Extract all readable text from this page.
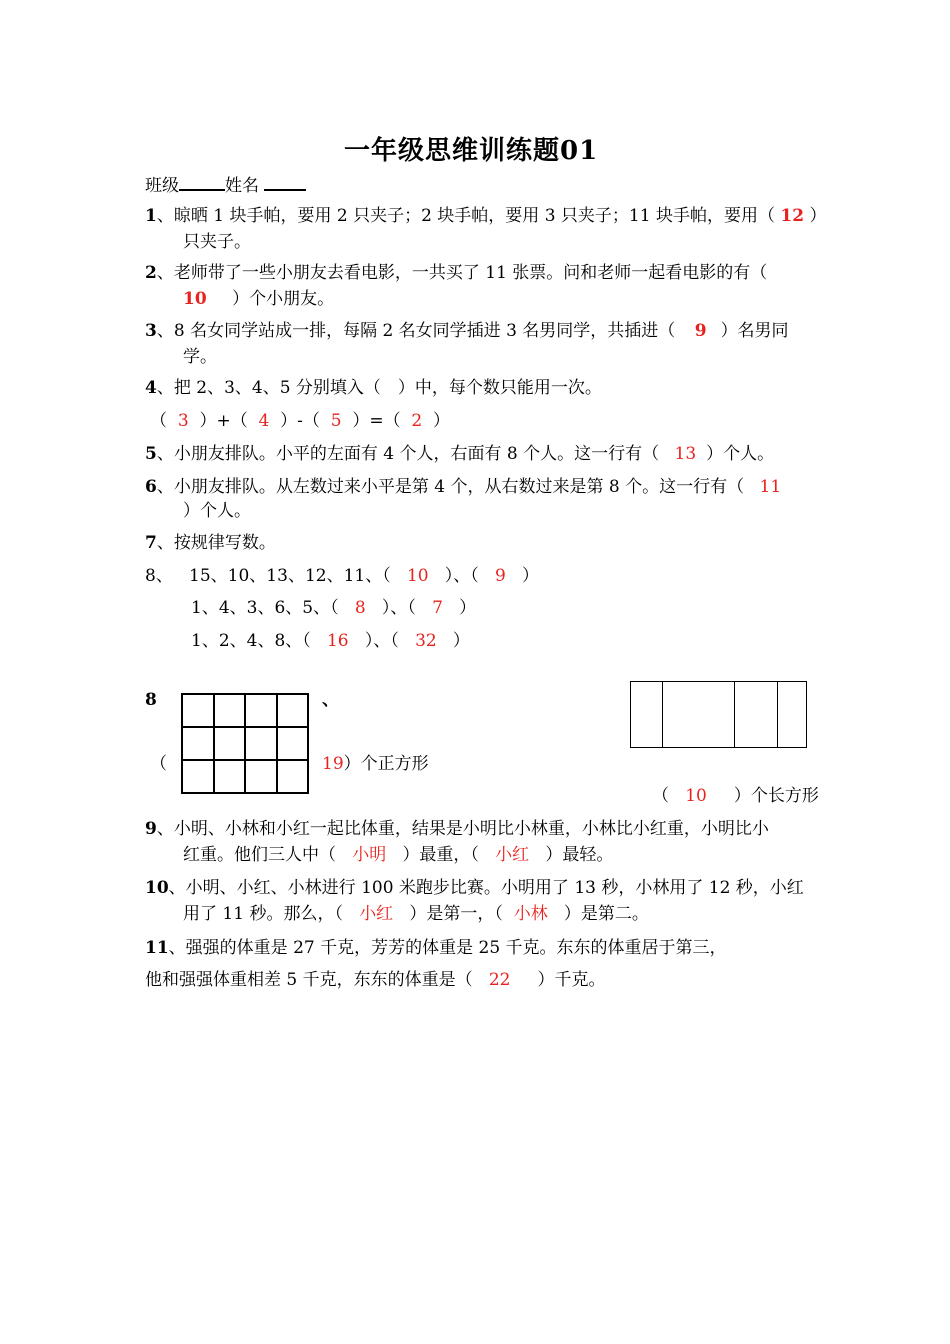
一年级思维训练题01
班级	姓名
1、晾晒 1 块手帕，要用 2 只夹子；2 块手帕，要用 3 只夹子；11 块手帕，要用（ 12 ）
只夹子。
2、老师带了一些小朋友去看电影，一共买了 11 张票。问和老师一起看电影的有（
10 ）个小朋友。
3、8 名女同学站成一排，每隔 2 名女同学插进 3 名男同学，共插进（ 9 ）名男同
学。
4、把 2、3、4、5 分别填入（　）中，每个数只能用一次。
（  3  ）+（  4  ）-（  5  ）=（  2  ）
5、小朋友排队。小平的左面有 4 个人，右面有 8 个人。这一行有（ 13 ）个人。
6、小朋友排队。从左数过来小平是第 4 个，从右数过来是第 8 个。这一行有（ 11
）个人。
7、按规律写数。
8、 15、10、13、12、11、（   10   ）、（   9   ）
1、4、3、6、5、（   8   ）、（   7   ）
1、2、4、8、（   16   ）、（   32   ）
8	、
（	19）个正方形
（   10 ）个长方形
9、小明、小林和小红一起比体重，结果是小明比小林重，小林比小红重，小明比小
红重。他们三人中（ 小明 ）最重，（ 小红 ）最轻。
10、小明、小红、小林进行 100 米跑步比赛。小明用了 13 秒，小林用了 12 秒，小红
用了 11 秒。那么，（ 小红 ）是第一，（ 小林 ）是第二。
11、强强的体重是 27 千克，芳芳的体重是 25 千克。东东的体重居于第三，
他和强强体重相差 5 千克，东东的体重是（ 22 ）千克。
